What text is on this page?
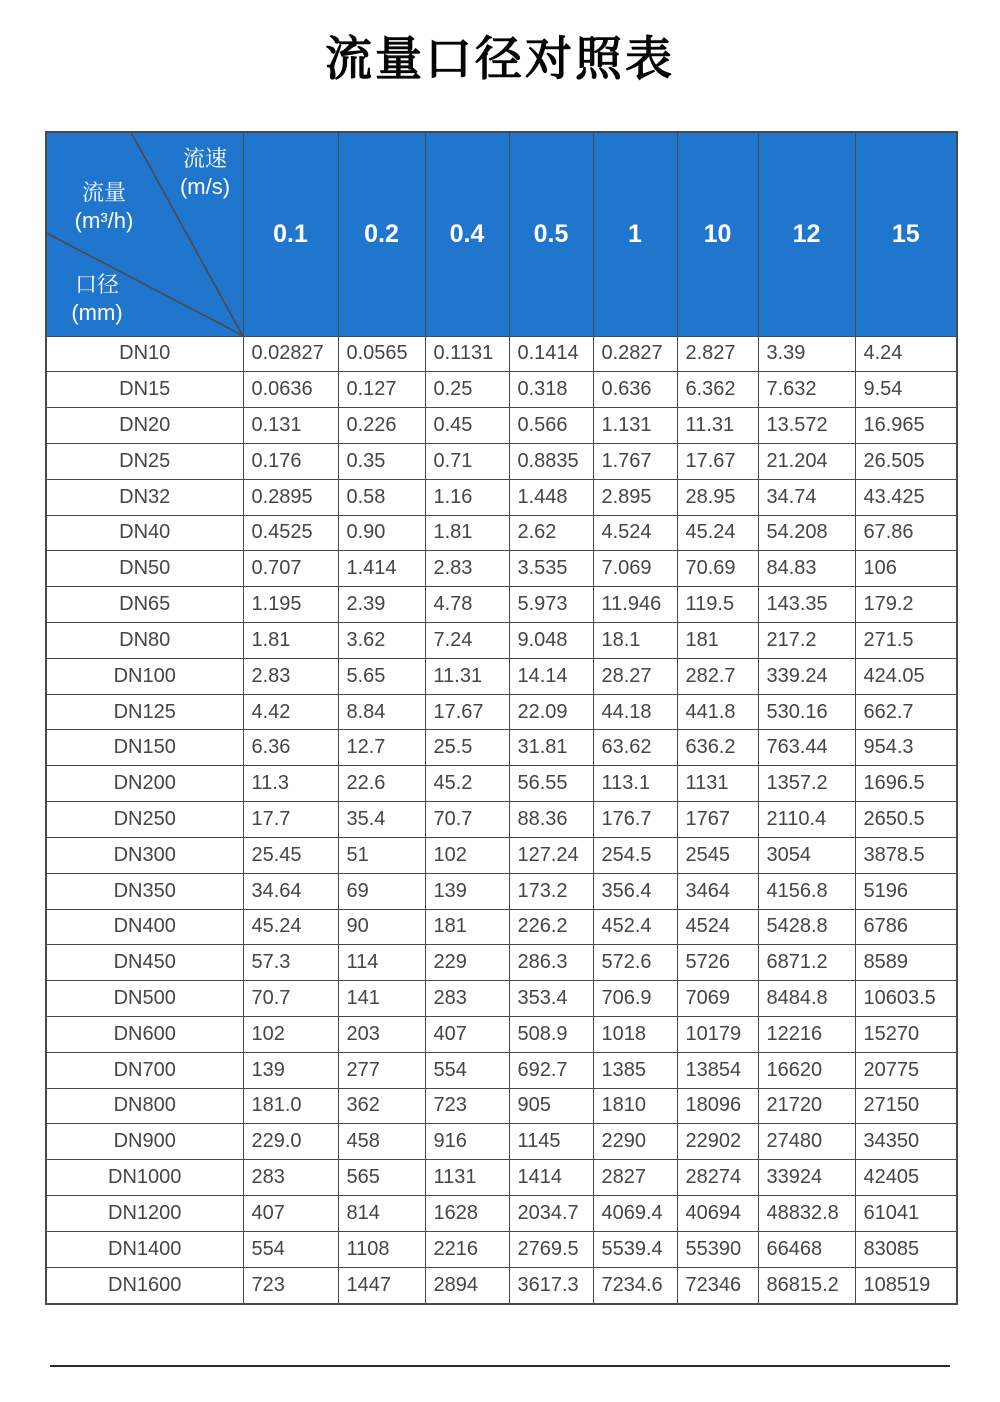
流量口径对照表
流速
(m/s)
流量
(m³/h)
口径
(mm)
	0.1	0.2	0.4	0.5	1	10	12	15
DN10	0.02827	0.0565	0.1131	0.1414	0.2827	2.827	3.39	4.24
DN15	0.0636	0.127	0.25	0.318	0.636	6.362	7.632	9.54
DN20	0.131	0.226	0.45	0.566	1.131	11.31	13.572	16.965
DN25	0.176	0.35	0.71	0.8835	1.767	17.67	21.204	26.505
DN32	0.2895	0.58	1.16	1.448	2.895	28.95	34.74	43.425
DN40	0.4525	0.90	1.81	2.62	4.524	45.24	54.208	67.86
DN50	0.707	1.414	2.83	3.535	7.069	70.69	84.83	106
DN65	1.195	2.39	4.78	5.973	11.946	119.5	143.35	179.2
DN80	1.81	3.62	7.24	9.048	18.1	181	217.2	271.5
DN100	2.83	5.65	11.31	14.14	28.27	282.7	339.24	424.05
DN125	4.42	8.84	17.67	22.09	44.18	441.8	530.16	662.7
DN150	6.36	12.7	25.5	31.81	63.62	636.2	763.44	954.3
DN200	11.3	22.6	45.2	56.55	113.1	1131	1357.2	1696.5
DN250	17.7	35.4	70.7	88.36	176.7	1767	2110.4	2650.5
DN300	25.45	51	102	127.24	254.5	2545	3054	3878.5
DN350	34.64	69	139	173.2	356.4	3464	4156.8	5196
DN400	45.24	90	181	226.2	452.4	4524	5428.8	6786
DN450	57.3	114	229	286.3	572.6	5726	6871.2	8589
DN500	70.7	141	283	353.4	706.9	7069	8484.8	10603.5
DN600	102	203	407	508.9	1018	10179	12216	15270
DN700	139	277	554	692.7	1385	13854	16620	20775
DN800	181.0	362	723	905	1810	18096	21720	27150
DN900	229.0	458	916	1145	2290	22902	27480	34350
DN1000	283	565	1131	1414	2827	28274	33924	42405
DN1200	407	814	1628	2034.7	4069.4	40694	48832.8	61041
DN1400	554	1108	2216	2769.5	5539.4	55390	66468	83085
DN1600	723	1447	2894	3617.3	7234.6	72346	86815.2	108519
